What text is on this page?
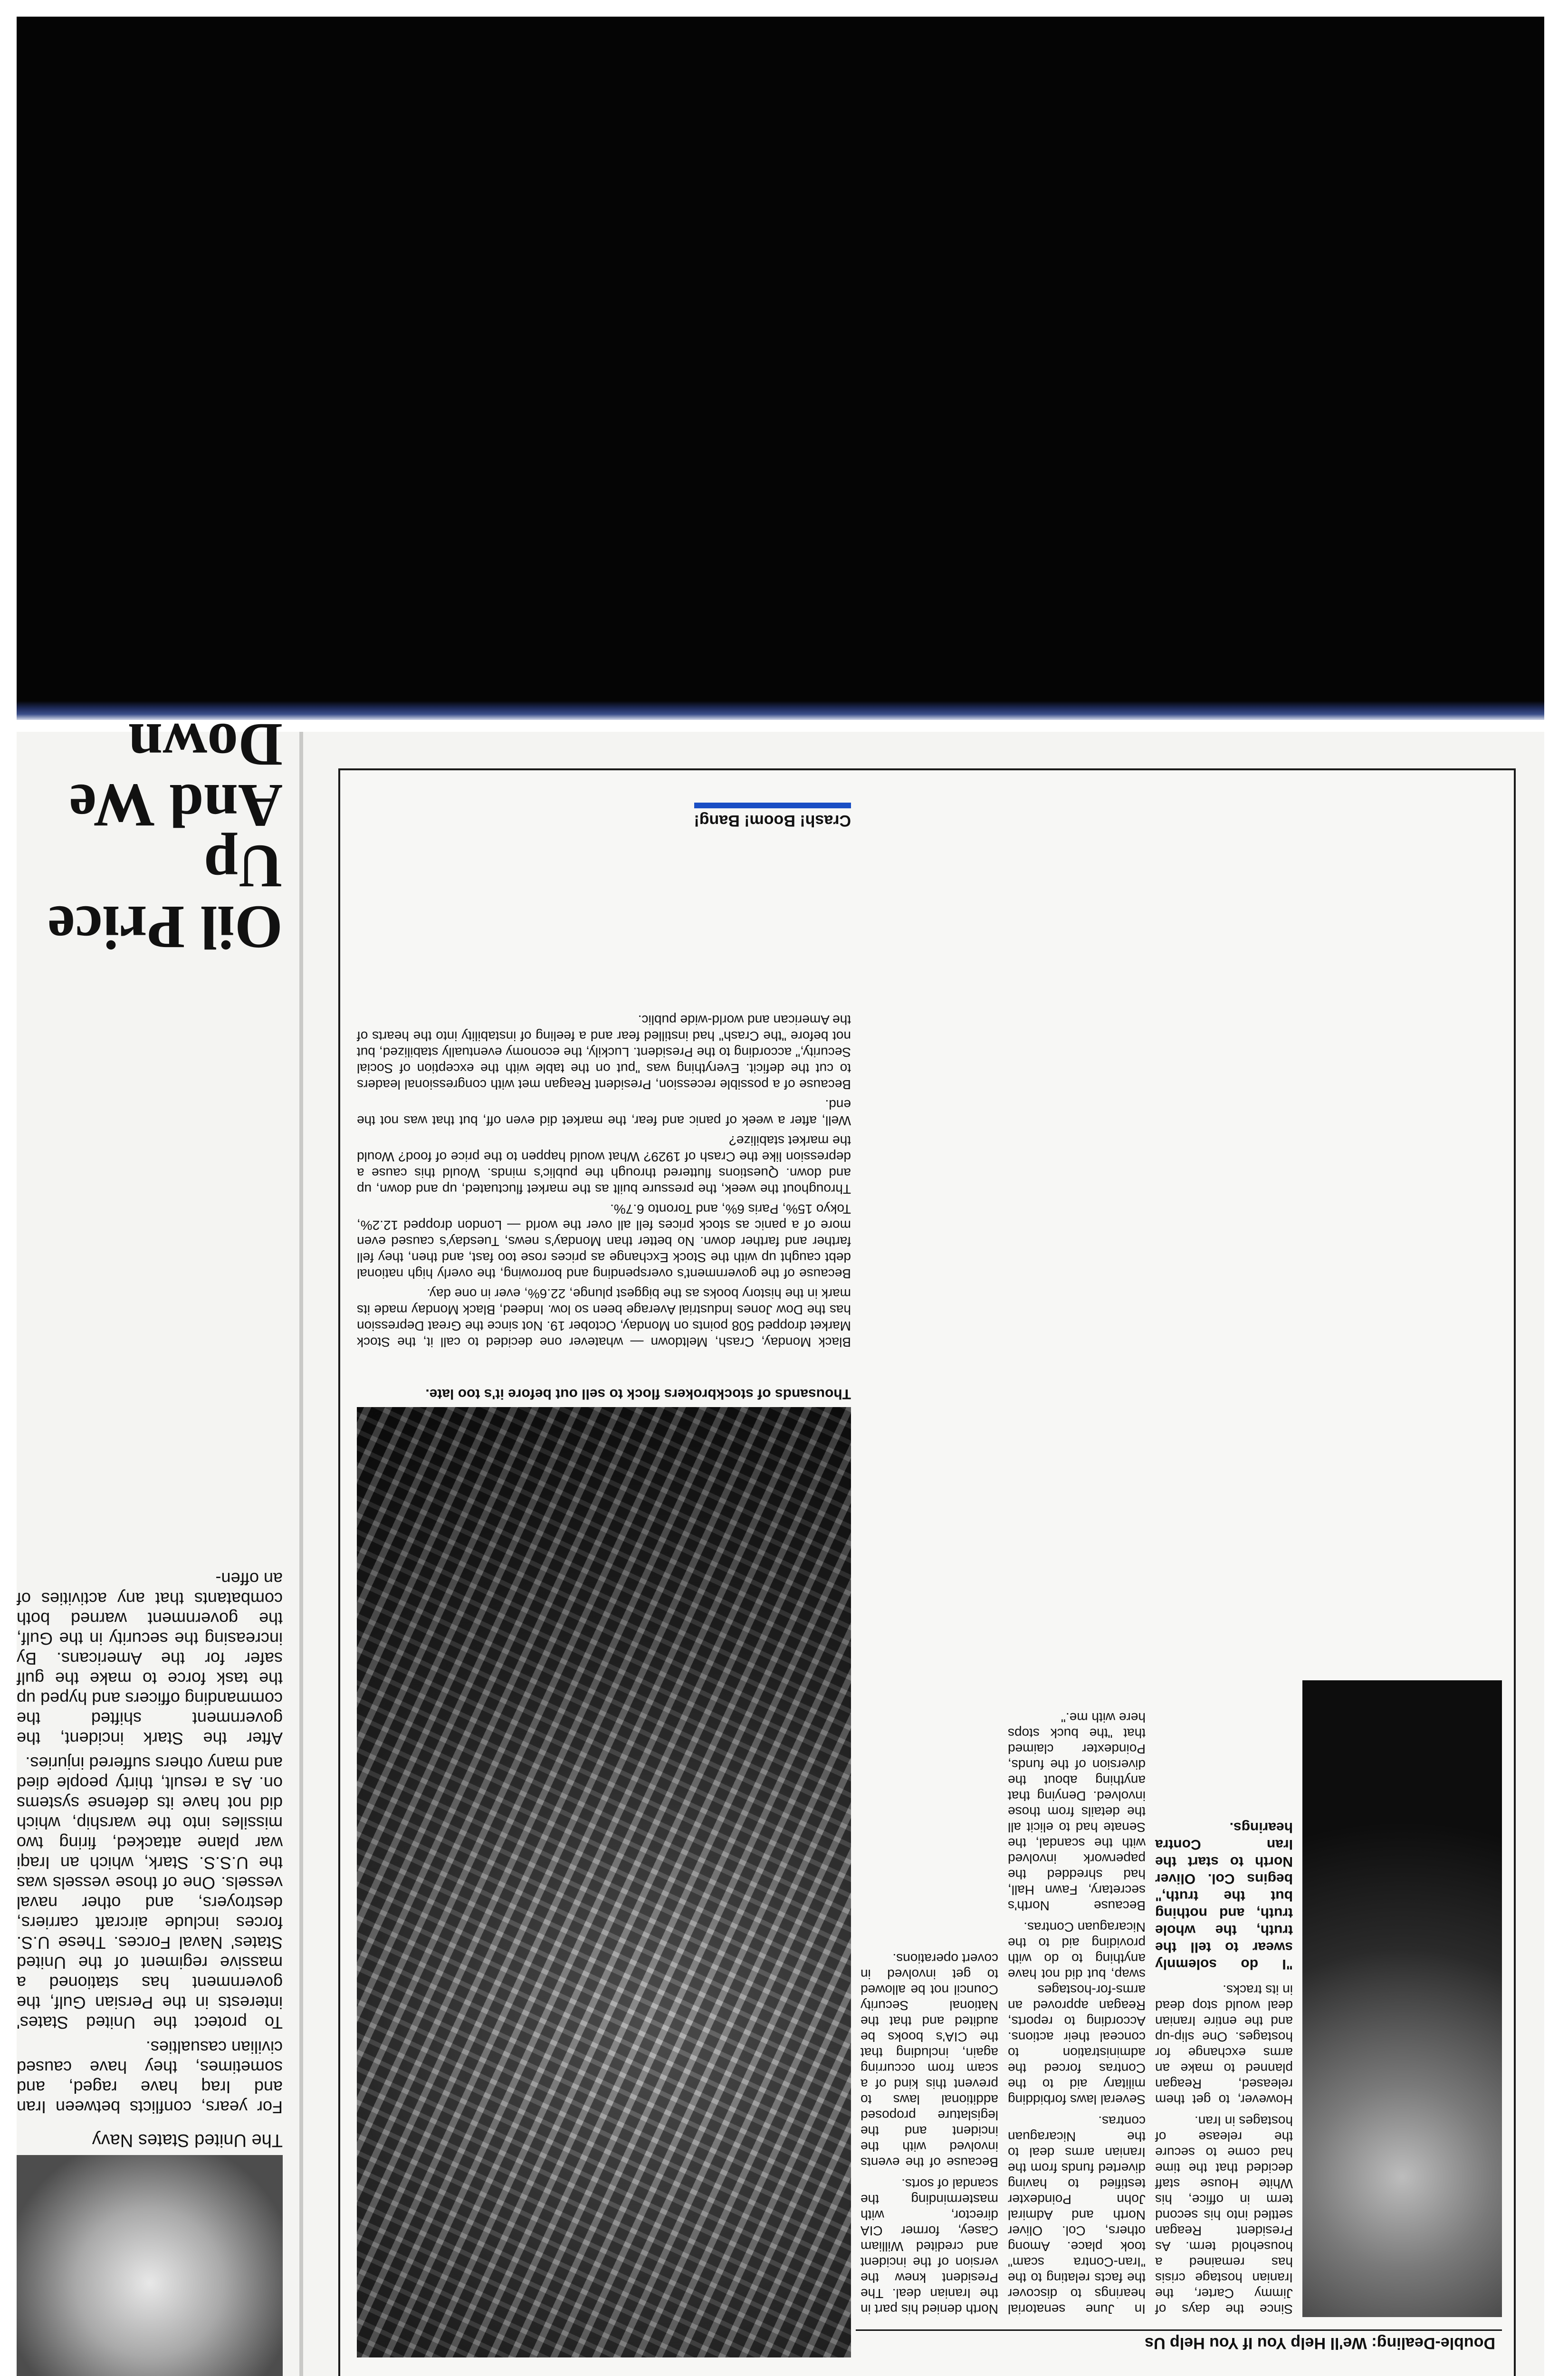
Double-Dealing: We'll Help You If You Help Us

Since the days of Jimmy Carter, the Iranian hostage crisis has remained a household term. As President Reagan settled into his second term in office, his White House staff decided that the time had come to secure the release of hostages in Iran.

However, to get them released, Reagan planned to make an arms exchange for hostages. One slip-up and the entire Iranian deal would stop dead in its tracks.

"I do solemnly swear to tell the truth, the whole truth, and nothing but the truth," begins Col. Oliver North to start the Iran Contra hearings.

In June senatorial hearings to discover the facts relating to the "Iran-Contra scam" took place. Among others, Col. Oliver North and Admiral John Poindexter testified to having diverted funds from the Iranian arms deal to the Nicaraguan contras.

Several laws forbidding military aid to the Contras forced the administration to conceal their actions. According to reports, Reagan approved an arms-for-hostages swap, but did not have anything to do with providing aid to the Nicaraguan Contras.

Because North's secretary, Fawn Hall, had shredded the paperwork involved with the scandal, the Senate had to elicit all the details from those involved. Denying that anything about the diversion of the funds, Poindexter claimed that "the buck stops here with me."

North denied his part in the Iranian deal. The President knew the version of the incident and credited William Casey, former CIA director, with masterminding the scandal of sorts.

Because of the events involved with the incident and the legislature proposed additional laws to prevent this kind of a scam from occurring again, including that the CIA's books be audited and that the National Security Council not be allowed to get involved in covert operations.

Thousands of stockbrokers flock to sell out before it's too late.

Black Monday, Crash, Meltdown — whatever one decided to call it, the Stock Market dropped 508 points on Monday, October 19. Not since the Great Depression has the Dow Jones Industrial Average been so low. Indeed, Black Monday made its mark in the history books as the biggest plunge, 22.6%, ever in one day.

Because of the government's overspending and borrowing, the overly high national debt caught up with the Stock Exchange as prices rose too fast, and then, they fell farther and farther down. No better than Monday's news, Tuesday's caused even more of a panic as stock prices fell all over the world — London dropped 12.2%, Tokyo 15%, Paris 6%, and Toronto 6.7%.

Throughout the week, the pressure built as the market fluctuated, up and down, up and down. Questions fluttered through the public's minds. Would this cause a depression like the Crash of 1929? What would happen to the price of food? Would the market stabilize?

Well, after a week of panic and fear, the market did even off, but that was not the end.

Because of a possible recession, President Reagan met with congressional leaders to cut the deficit. Everything was "put on the table with the exception of Social Security," according to the President. Luckily, the economy eventually stabilized, but not before "the Crash" had instilled fear and a feeling of instability into the hearts of the American and world-wide public.

Crash! Boom! Bang!
The United States Navy

For years, conflicts between Iran and Iraq have raged, and sometimes, they have caused civilian casualties.

To protect the United States' interests in the Persian Gulf, the government has stationed a massive regiment of the United States' Naval Forces. These U.S. forces include aircraft carriers, destroyers, and other naval vessels. One of those vessels was the U.S.S. Stark, which an Iraqi war plane attacked, firing two missiles into the warship, which did not have its defense systems on. As a result, thirty people died and many others suffered injuries.

After the Stark incident, the government shifted the commanding officers and hyped up the task force to make the gulf safer for the Americans. By increasing the security in the Gulf, the government warned both combatants that any activities of an offen-

Oil Price
Up
And We
Down
